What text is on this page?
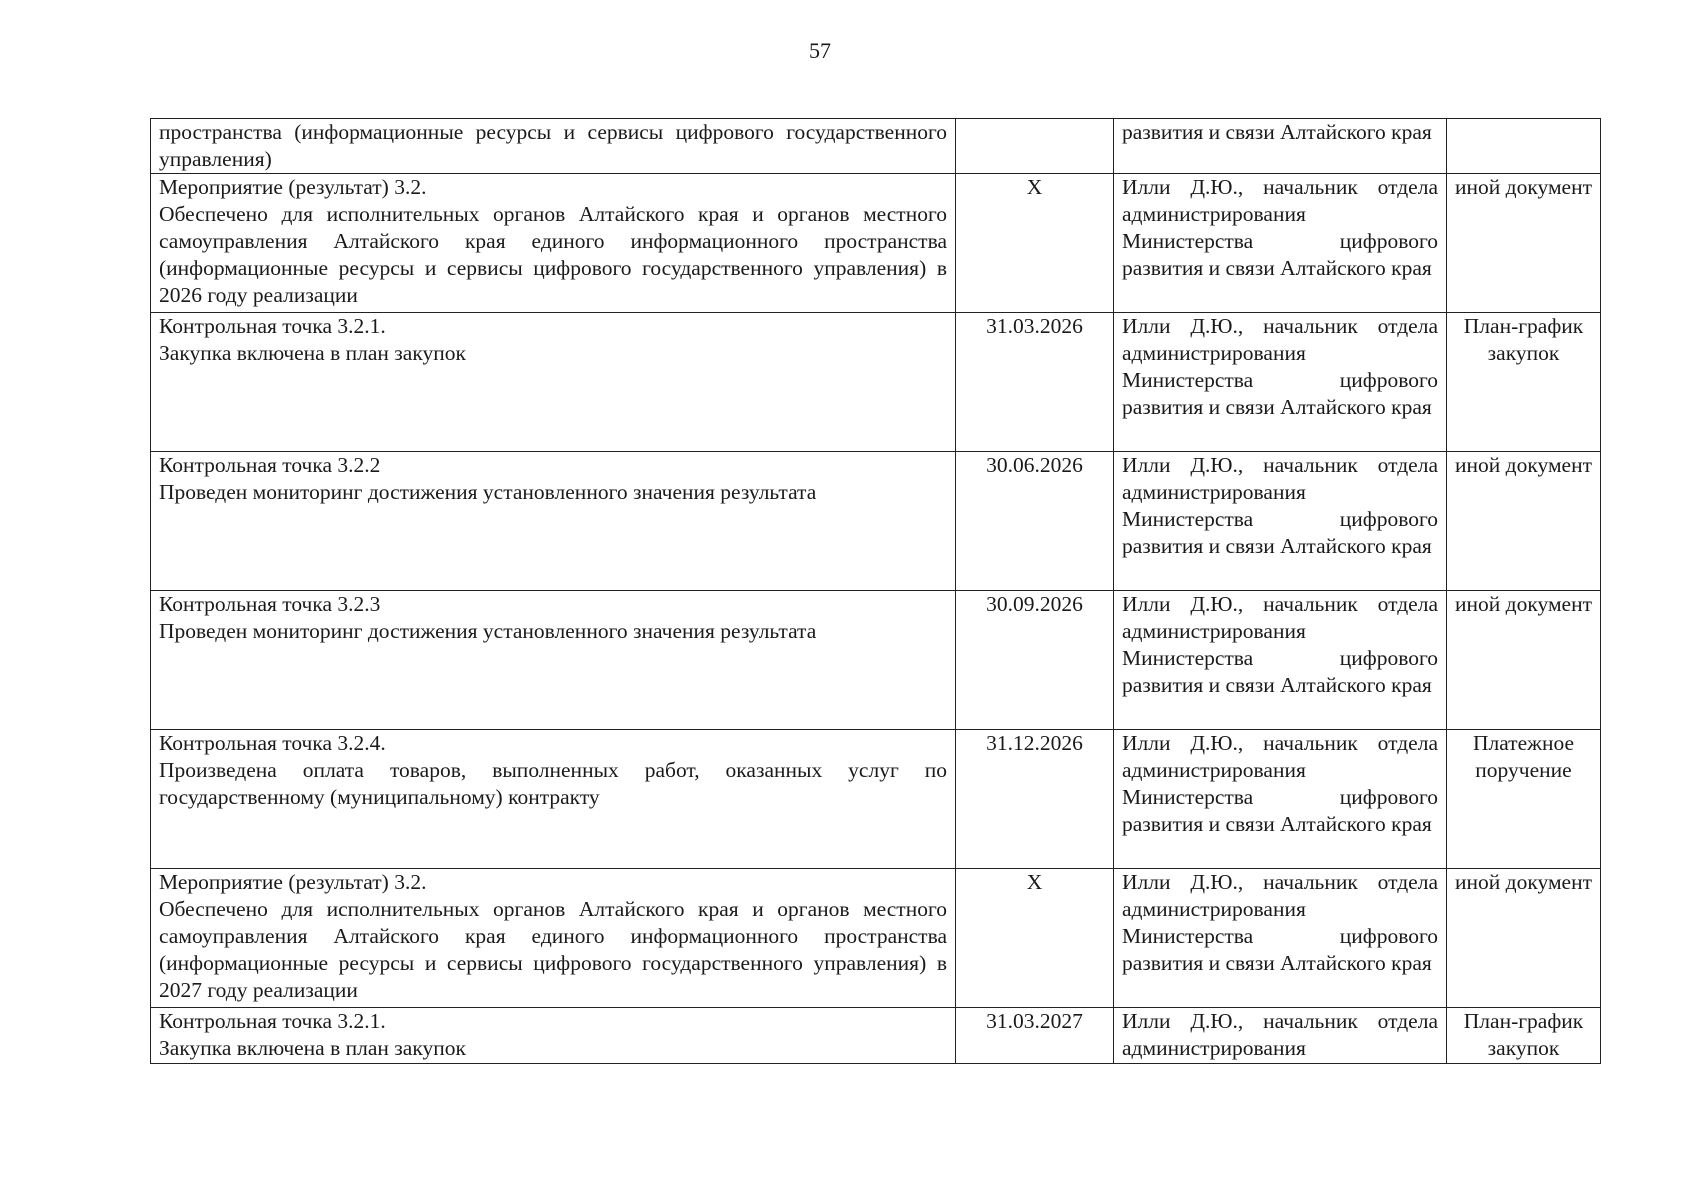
57
пространства (информационные ресурсы и сервисы цифрового государственного управления)		развития и связи Алтайского края	

Мероприятие (результат) 3.2.
Обеспечено для исполнительных органов Алтайского края и органов местного самоуправления Алтайского края единого информационного пространства (информационные ресурсы и сервисы цифрового государственного управления) в 2026 году реализации	Х	Илли Д.Ю., начальник отдела администрирования Министерства цифрового развития и связи Алтайского края	иной документ

Контрольная точка 3.2.1.
Закупка включена в план закупок	31.03.2026	Илли Д.Ю., начальник отдела администрирования Министерства цифрового развития и связи Алтайского края	План-график закупок

Контрольная точка 3.2.2
Проведен мониторинг достижения установленного значения результата	30.06.2026	Илли Д.Ю., начальник отдела администрирования Министерства цифрового развития и связи Алтайского края	иной документ

Контрольная точка 3.2.3
Проведен мониторинг достижения установленного значения результата	30.09.2026	Илли Д.Ю., начальник отдела администрирования Министерства цифрового развития и связи Алтайского края	иной документ

Контрольная точка 3.2.4.
Произведена оплата товаров, выполненных работ, оказанных услуг по государственному (муниципальному) контракту	31.12.2026	Илли Д.Ю., начальник отдела администрирования Министерства цифрового развития и связи Алтайского края	Платежное поручение

Мероприятие (результат) 3.2.
Обеспечено для исполнительных органов Алтайского края и органов местного самоуправления Алтайского края единого информационного пространства (информационные ресурсы и сервисы цифрового государственного управления) в 2027 году реализации	Х	Илли Д.Ю., начальник отдела администрирования Министерства цифрового развития и связи Алтайского края	иной документ

Контрольная точка 3.2.1.
Закупка включена в план закупок	31.03.2027	Илли Д.Ю., начальник отдела администрирования	План-график закупок
